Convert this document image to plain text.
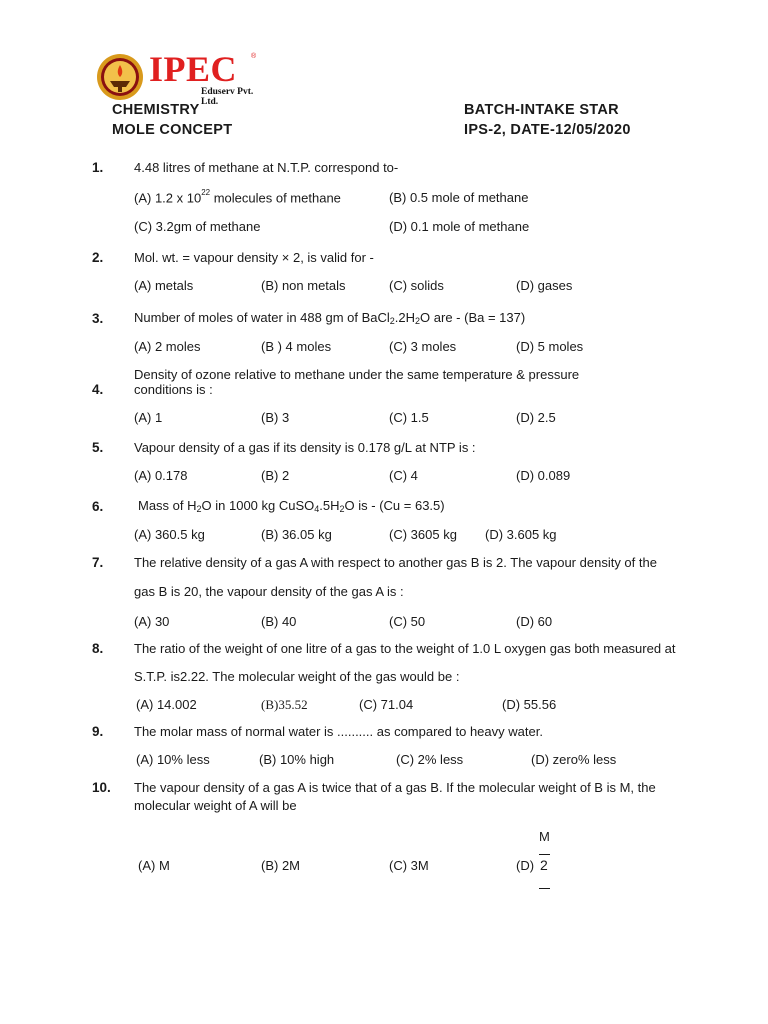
IPEC ®
Eduserv Pvt. Ltd.
CHEMISTRY
MOLE CONCEPT
BATCH-INTAKE STAR
IPS-2, DATE-12/05/2020
1. 4.48 litres of methane at N.T.P. correspond to-
(A) 1.2 x $10^{22}$ molecules of methane	(B) 0.5 mole of methane
(C) 3.2gm of methane	(D) 0.1 mole of methane
2. Mol. wt. = vapour density × 2, is valid for -
(A) metals	(B) non metals	(C) solids	(D) gases
3. Number of moles of water in 488 gm of $BaCl_2.2H_2O$ are - (Ba = 137)
(A) 2 moles	(B ) 4 moles	(C) 3 moles	(D) 5 moles
4.
Density of ozone relative to methane under the same temperature & pressure
conditions is :
(A) 1	(B) 3	(C) 1.5	(D) 2.5
5. Vapour density of a gas if its density is 0.178 g/L at NTP is :
(A) 0.178	(B) 2	(C) 4	(D) 0.089
6.	Mass of $H_2O$ in 1000 kg $CuSO_4.5H_2O$ is - (Cu = 63.5)
(A) 360.5 kg	(B) 36.05 kg	(C) 3605 kg (D) 3.605 kg
7. The relative density of a gas A with respect to another gas B is 2. The vapour density of the
gas B is 20, the vapour density of the gas A is :
(A) 30	(B) 40	(C) 50	(D) 60
8. The ratio of the weight of one litre of a gas to the weight of 1.0 L oxygen gas both measured at
S.T.P. is2.22. The molecular weight of the gas would be :
(A) 14.002	(B)35.52	(C) 71.04	(D) 55.56
9. The molar mass of normal water is .......... as compared to heavy water.
(A) 10% less	(B) 10% high	(C) 2% less	(D) zero% less
10. The vapour density of a gas A is twice that of a gas B. If the molecular weight of B is M, the
molecular weight of A will be
(A) M	(B) 2M	(C) 3M	(D)
M
2
